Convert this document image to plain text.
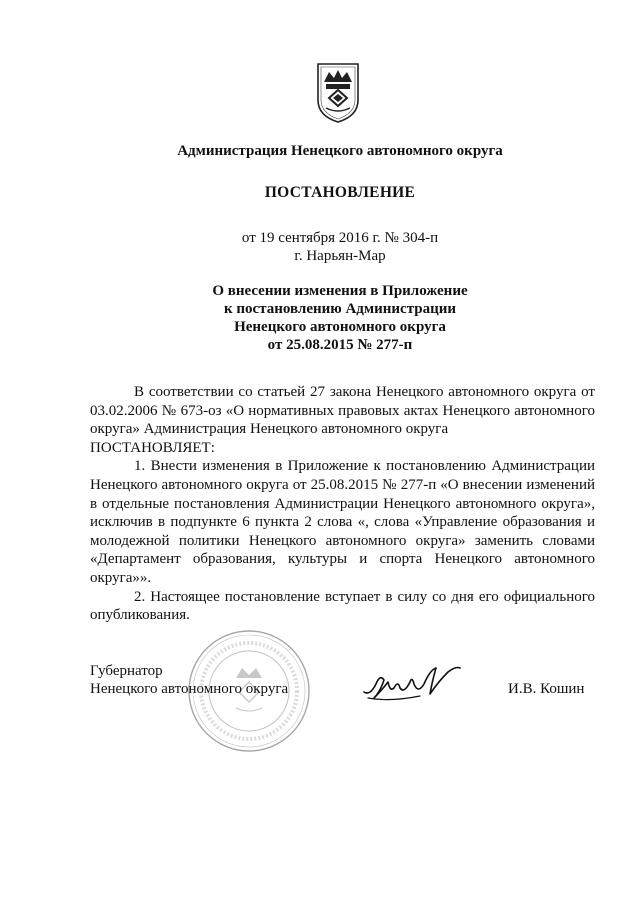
Администрация Ненецкого автономного округа
ПОСТАНОВЛЕНИЕ
от 19 сентября 2016 г. № 304-п
г. Нарьян-Мар
О внесении изменения в Приложение
к постановлению Администрации
Ненецкого автономного округа
от 25.08.2015 № 277-п

В соответствии со статьей 27 закона Ненецкого автономного округа от 03.02.2006 № 673-оз «О нормативных правовых актах Ненецкого автономного округа» Администрация Ненецкого автономного округа

ПОСТАНОВЛЯЕТ:

1. Внести изменения в Приложение к постановлению Администрации Ненецкого автономного округа от 25.08.2015 № 277-п «О внесении изменений в отдельные постановления Администрации Ненецкого автономного округа», исключив в подпункте 6 пункта 2 слова «, слова «Управление образования и молодежной политики Ненецкого автономного округа» заменить словами «Департамент образования, культуры и спорта Ненецкого автономного округа»».

2. Настоящее постановление вступает в силу со дня его официального опубликования.

Губернатор
Ненецкого автономного округа	И.В. Кошин
